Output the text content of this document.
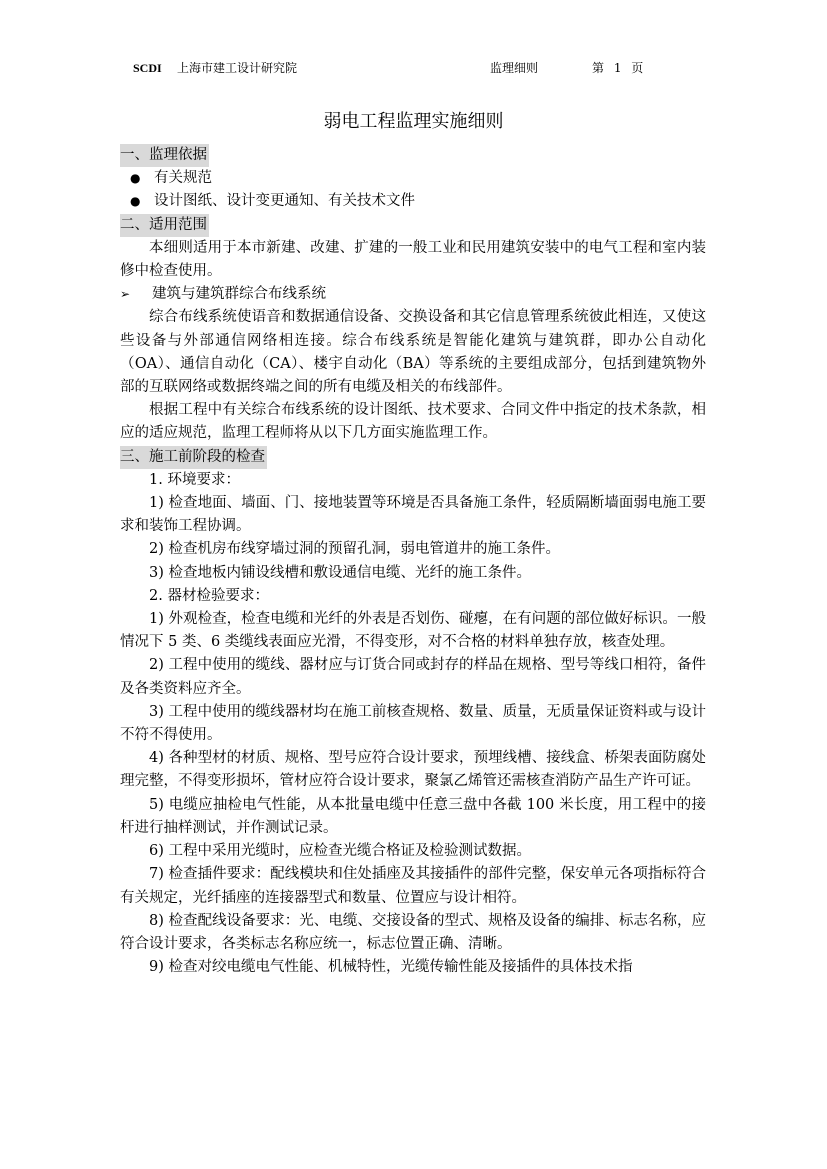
SCDI 上海市建工设计研究院	监理细则	第 1 页
弱电工程监理实施细则

一、监理依据

● 有关规范

● 设计图纸、设计变更通知、有关技术文件

二、适用范围

本细则适用于本市新建、改建、扩建的一般工业和民用建筑安装中的电气工程和室内装修中检查使用。

➢ 建筑与建筑群综合布线系统

综合布线系统使语音和数据通信设备、交换设备和其它信息管理系统彼此相连，又使这些设备与外部通信网络相连接。综合布线系统是智能化建筑与建筑群，即办公自动化（OA）、通信自动化（CA）、楼宇自动化（BA）等系统的主要组成部分，包括到建筑物外部的互联网络或数据终端之间的所有电缆及相关的布线部件。

根据工程中有关综合布线系统的设计图纸、技术要求、合同文件中指定的技术条款，相应的适应规范，监理工程师将从以下几方面实施监理工作。

三、施工前阶段的检查

1. 环境要求：

1) 检查地面、墙面、门、接地装置等环境是否具备施工条件，轻质隔断墙面弱电施工要求和装饰工程协调。

2) 检查机房布线穿墙过洞的预留孔洞，弱电管道井的施工条件。

3) 检查地板内铺设线槽和敷设通信电缆、光纤的施工条件。

2. 器材检验要求：

1) 外观检查，检查电缆和光纤的外表是否划伤、碰瘪，在有问题的部位做好标识。一般情况下 5 类、6 类缆线表面应光滑，不得变形，对不合格的材料单独存放，核查处理。

2) 工程中使用的缆线、器材应与订货合同或封存的样品在规格、型号等线口相符，备件及各类资料应齐全。

3) 工程中使用的缆线器材均在施工前核查规格、数量、质量，无质量保证资料或与设计不符不得使用。

4) 各种型材的材质、规格、型号应符合设计要求，预埋线槽、接线盒、桥架表面防腐处理完整，不得变形损坏，管材应符合设计要求，聚氯乙烯管还需核查消防产品生产许可证。

5) 电缆应抽检电气性能，从本批量电缆中任意三盘中各截 100 米长度，用工程中的接杆进行抽样测试，并作测试记录。

6) 工程中采用光缆时，应检查光缆合格证及检验测试数据。

7) 检查插件要求：配线模块和住处插座及其接插件的部件完整，保安单元各项指标符合有关规定，光纤插座的连接器型式和数量、位置应与设计相符。

8) 检查配线设备要求：光、电缆、交接设备的型式、规格及设备的编排、标志名称，应符合设计要求，各类标志名称应统一，标志位置正确、清晰。

9) 检查对绞电缆电气性能、机械特性，光缆传输性能及接插件的具体技术指
